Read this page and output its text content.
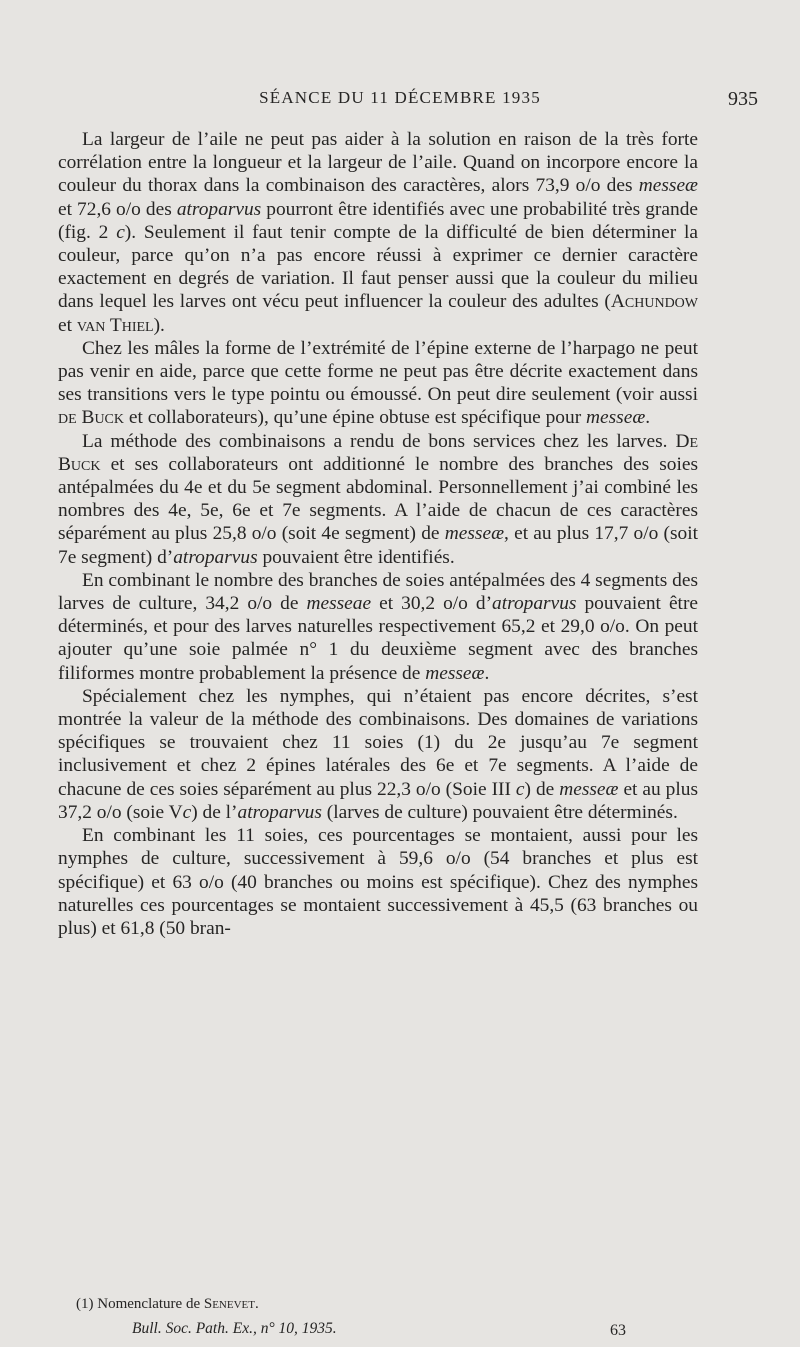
SÉANCE DU 11 DÉCEMBRE 1935	935

La largeur de l’aile ne peut pas aider à la solution en raison de la très forte corrélation entre la longueur et la largeur de l’aile. Quand on incorpore encore la couleur du thorax dans la combinaison des caractères, alors 73,9 o/o des messeæ et 72,6 o/o des atroparvus pourront être identifiés avec une probabilité très grande (fig. 2 c). Seulement il faut tenir compte de la difficulté de bien déterminer la couleur, parce qu’on n’a pas encore réussi à exprimer ce dernier caractère exactement en degrés de variation. Il faut penser aussi que la couleur du milieu dans lequel les larves ont vécu peut influencer la couleur des adultes (Achundow et van Thiel).

Chez les mâles la forme de l’extrémité de l’épine externe de l’harpago ne peut pas venir en aide, parce que cette forme ne peut pas être décrite exactement dans ses transitions vers le type pointu ou émoussé. On peut dire seulement (voir aussi de Buck et collaborateurs), qu’une épine obtuse est spécifique pour messeæ.

La méthode des combinaisons a rendu de bons services chez les larves. De Buck et ses collaborateurs ont additionné le nombre des branches des soies antépalmées du 4e et du 5e segment abdominal. Personnellement j’ai combiné les nombres des 4e, 5e, 6e et 7e segments. A l’aide de chacun de ces caractères séparément au plus 25,8 o/o (soit 4e segment) de messeæ, et au plus 17,7 o/o (soit 7e segment) d’atroparvus pouvaient être identifiés.

En combinant le nombre des branches de soies antépalmées des 4 segments des larves de culture, 34,2 o/o de messeae et 30,2 o/o d’atroparvus pouvaient être déterminés, et pour des larves naturelles respectivement 65,2 et 29,0 o/o. On peut ajouter qu’une soie palmée n° 1 du deuxième segment avec des branches filiformes montre probablement la présence de messeæ.

Spécialement chez les nymphes, qui n’étaient pas encore décrites, s’est montrée la valeur de la méthode des combinaisons. Des domaines de variations spécifiques se trouvaient chez 11 soies (1) du 2e jusqu’au 7e segment inclusivement et chez 2 épines latérales des 6e et 7e segments. A l’aide de chacune de ces soies séparément au plus 22,3 o/o (Soie III c) de messeæ et au plus 37,2 o/o (soie Vc) de l’atroparvus (larves de culture) pouvaient être déterminés.

En combinant les 11 soies, ces pourcentages se montaient, aussi pour les nymphes de culture, successivement à 59,6 o/o (54 branches et plus est spécifique) et 63 o/o (40 branches ou moins est spécifique). Chez des nymphes naturelles ces pourcentages se montaient successivement à 45,5 (63 branches ou plus) et 61,8 (50 bran-

(1) Nomenclature de Senevet.
Bull. Soc. Path. Ex., n° 10, 1935.	63
